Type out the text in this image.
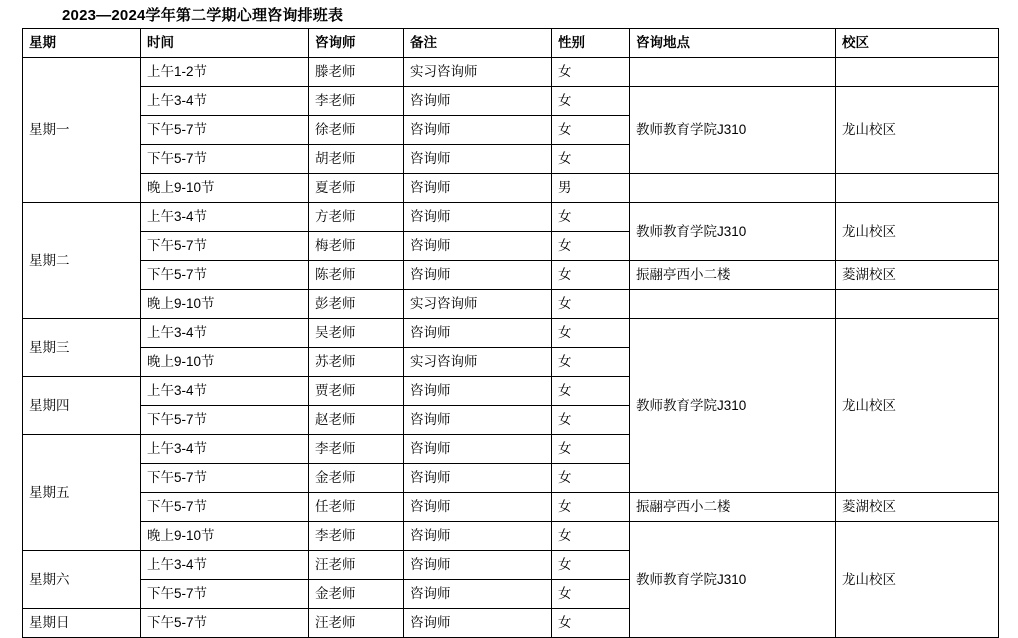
2023—2024学年第二学期心理咨询排班表
星期	时间	咨询师	备注	性别	咨询地点	校区	
星期一	上午1-2节	滕老师	实习咨询师	女			
	上午3-4节	李老师	咨询师	女	教师教育学院J310	龙山校区	
	下午5-7节	徐老师	咨询师	女			
	下午5-7节	胡老师	咨询师	女		
	晚上9-10节	夏老师	咨询师	男			
星期二	上午3-4节	方老师	咨询师	女	教师教育学院J310	龙山校区	
	下午5-7节	梅老师	咨询师	女			
	下午5-7节	陈老师	咨询师	女	振翮亭西小二楼	菱湖校区	
	晚上9-10节	彭老师	实习咨询师	女			
星期三	上午3-4节	吴老师	咨询师	女	教师教育学院J310	龙山校区	
	晚上9-10节	苏老师	实习咨询师	女			
星期四	上午3-4节	贾老师	咨询师	女			
	下午5-7节	赵老师	咨询师	女			
星期五	上午3-4节	李老师	咨询师	女			
	下午5-7节	金老师	咨询师	女			
	下午5-7节	任老师	咨询师	女	振翮亭西小二楼	菱湖校区	
	晚上9-10节	李老师	咨询师	女	教师教育学院J310	龙山校区	
星期六	上午3-4节	汪老师	咨询师	女			
	下午5-7节	金老师	咨询师	女			
星期日	下午5-7节	汪老师	咨询师	女			
